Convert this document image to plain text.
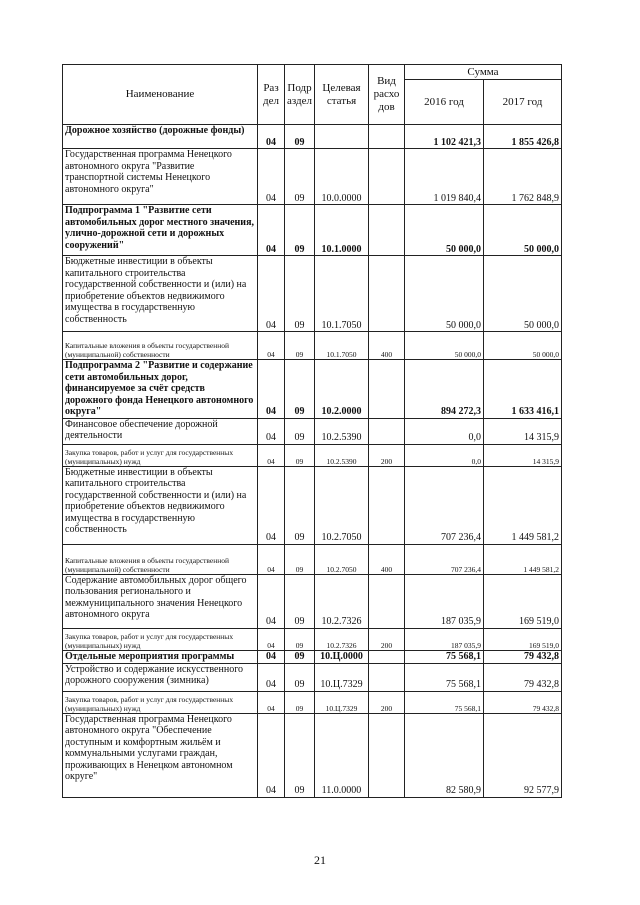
Наименование	Раз дел	Подр аздел	Целевая статья	Вид расхо дов	Сумма	
					2016 год	2017 год
Дорожное хозяйство (дорожные фонды)	04	09			1 102 421,3	1 855 426,8
Государственная программа Ненецкого автономного округа "Развитие транспортной системы Ненецкого автономного округа"	04	09	10.0.0000		1 019 840,4	1 762 848,9
Подпрограмма 1 "Развитие сети автомобильных дорог местного значения, улично-дорожной сети и дорожных сооружений"	04	09	10.1.0000		50 000,0	50 000,0
Бюджетные инвестиции в объекты капитального строительства государственной собственности и (или) на приобретение объектов недвижимого имущества в государственную собственность	04	09	10.1.7050		50 000,0	50 000,0
Капитальные вложения в объекты государственной (муниципальной) собственности	04	09	10.1.7050	400	50 000,0	50 000,0
Подпрограмма 2 "Развитие и содержание сети автомобильных дорог, финансируемое за счёт средств дорожного фонда Ненецкого автономного округа"	04	09	10.2.0000		894 272,3	1 633 416,1
Финансовое обеспечение дорожной деятельности	04	09	10.2.5390		0,0	14 315,9
Закупка товаров, работ и услуг для государственных (муниципальных) нужд	04	09	10.2.5390	200	0,0	14 315,9
Бюджетные инвестиции в объекты капитального строительства государственной собственности и (или) на приобретение объектов недвижимого имущества в государственную собственность	04	09	10.2.7050		707 236,4	1 449 581,2
Капитальные вложения в объекты государственной (муниципальной) собственности	04	09	10.2.7050	400	707 236,4	1 449 581,2
Содержание автомобильных дорог общего пользования регионального и межмуниципального значения Ненецкого автономного округа	04	09	10.2.7326		187 035,9	169 519,0
Закупка товаров, работ и услуг для государственных (муниципальных) нужд	04	09	10.2.7326	200	187 035,9	169 519,0
Отдельные мероприятия программы	04	09	10.Ц.0000		75 568,1	79 432,8
Устройство и содержание искусственного дорожного сооружения (зимника)	04	09	10.Ц.7329		75 568,1	79 432,8
Закупка товаров, работ и услуг для государственных (муниципальных) нужд	04	09	10.Ц.7329	200	75 568,1	79 432,8
Государственная программа Ненецкого автономного округа "Обеспечение доступным и комфортным жильём и коммунальными услугами граждан, проживающих в Ненецком автономном округе"	04	09	11.0.0000		82 580,9	92 577,9
21
